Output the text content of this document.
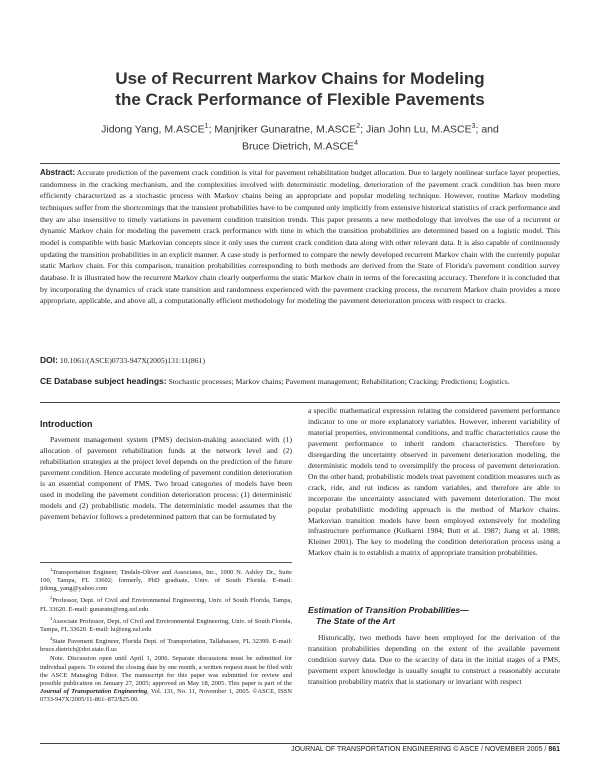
Use of Recurrent Markov Chains for Modeling
the Crack Performance of Flexible Pavements
Jidong Yang, M.ASCE$^1$; Manjriker Gunaratne, M.ASCE$^2$; Jian John Lu, M.ASCE$^3$; and
Bruce Dietrich, M.ASCE$^4$
Abstract: Accurate prediction of the pavement crack condition is vital for pavement rehabilitation budget allocation. Due to largely nonlinear surface layer properties, randomness in the cracking mechanism, and the complexities involved with deterministic modeling, deterioration of the pavement crack condition has been more efficiently characterized as a stochastic process with Markov chains being an appropriate and popular modeling technique. However, routine Markov modeling techniques suffer from the shortcomings that the transient probabilities have to be computed only implicitly from extensive historical statistics of crack performance and they are also insensitive to timely variations in pavement condition transition trends. This paper presents a new methodology that involves the use of a recurrent or dynamic Markov chain for modeling the pavement crack performance with time in which the transition probabilities are determined based on a logistic model. This model is compatible with basic Markovian concepts since it only uses the current crack condition data along with other relevant data. It is also capable of continuously updating the transition probabilities in an explicit manner. A case study is performed to compare the newly developed recurrent Markov chain with the currently popular static Markov chain. For this comparison, transition probabilities corresponding to both methods are derived from the State of Florida's pavement condition survey database. It is illustrated how the recurrent Markov chain clearly outperforms the static Markov chain in terms of the forecasting accuracy. Therefore it is concluded that by incorporating the dynamics of crack state transition and randomness experienced with the pavement cracking process, the recurrent Markov chain provides a more appropriate, applicable, and above all, a computationally efficient methodology for modeling the pavement deterioration process with respect to cracks.
DOI: 10.1061/(ASCE)0733-947X(2005)131:11(861)
CE Database subject headings: Stochastic processes; Markov chains; Pavement management; Rehabilitation; Cracking; Predictions; Logistics.
Introduction

Pavement management system (PMS) decision-making associated with (1) allocation of pavement rehabilitation funds at the network level and (2) rehabilitation strategies at the project level depends on the prediction of the future pavement condition. Hence accurate modeling of pavement condition deterioration is an essential component of PMS. Two broad categories of models have been used in modeling the pavement condition deterioration process: (1) deterministic models and (2) probabilistic models. The deterministic model assumes that the pavement behavior follows a predetermined pattern that can be formulated by

$^1$Transportation Engineer, Tindale-Oliver and Associates, Inc., 1000 N. Ashley Dr., Suite 100, Tampa, FL 33602; formerly, PhD graduate, Univ. of South Florida. E-mail: jidong_yang@yahoo.com

$^2$Professor, Dept. of Civil and Environmental Engineering, Univ. of South Florida, Tampa, FL 33620. E-mail: gunaratn@eng.usf.edu

$^3$Associate Professor, Dept. of Civil and Environmental Engineering, Univ. of South Florida, Tampa, FL 33620. E-mail: lu@eng.usf.edu

$^4$State Pavement Engineer, Florida Dept. of Transportation, Tallahassee, FL 32399. E-mail: bruce.dietrich@dot.state.fl.us

Note. Discussion open until April 1, 2006. Separate discussions must be submitted for individual papers. To extend the closing date by one month, a written request must be filed with the ASCE Managing Editor. The manuscript for this paper was submitted for review and possible publication on January 27, 2005; approved on May 18, 2005. This paper is part of the Journal of Transportation Engineering, Vol. 131, No. 11, November 1, 2005. ©ASCE, ISSN 0733-947X/2005/11-861–872/$25.00.

a specific mathematical expression relating the considered pavement performance indicator to one or more explanatory variables. However, inherent variability of material properties, environmental conditions, and traffic characteristics cause the pavement performance to inherit random characteristics. Therefore by disregarding the uncertainty observed in pavement deterioration modeling, the deterministic models tend to oversimplify the process of pavement deterioration. On the other hand, probabilistic models treat pavement condition measures such as crack, ride, and rut indices as random variables, and therefore are able to incorporate the uncertainty associated with pavement deterioration. The most popular probabilistic modeling approach is the method of Markov chains. Markovian transition models have been employed extensively for modeling infrastructure performance (Kulkarni 1984; Butt et al. 1987; Jiang et al. 1988; Kleiner 2001). The key to modeling the condition deterioration process using a Markov chain is to establish a matrix of appropriate transition probabilities.

Estimation of Transition Probabilities—
The State of the Art

Historically, two methods have been employed for the derivation of the transition probabilities depending on the extent of the available pavement condition survey data. Due to the scarcity of data in the initial stages of a PMS, pavement expert knowledge is usually sought to construct a reasonably accurate transition probability matrix that is stationary or invariant with respect

JOURNAL OF TRANSPORTATION ENGINEERING © ASCE / NOVEMBER 2005 / 861
